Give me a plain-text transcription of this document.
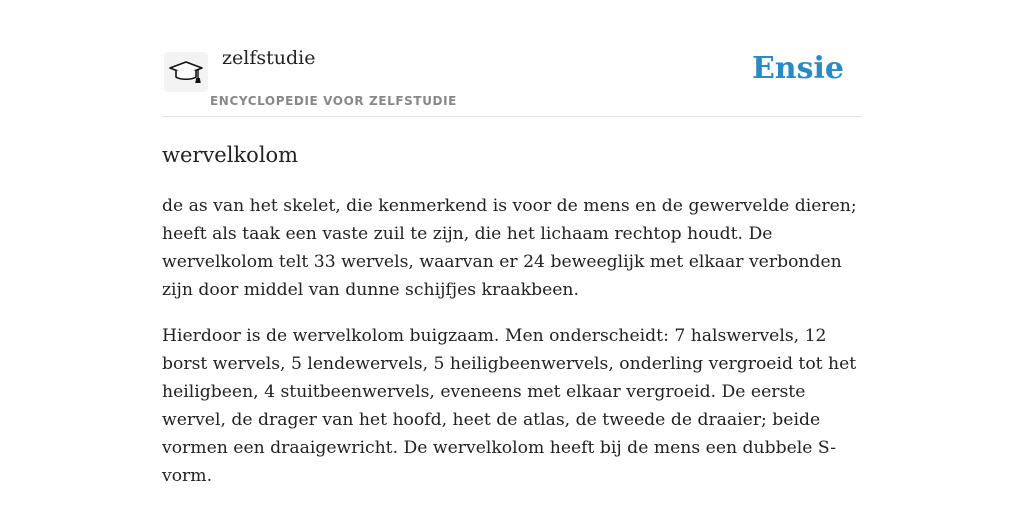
zelfstudie
ENCYCLOPEDIE VOOR ZELFSTUDIE
Ensie
wervelkolom

de as van het skelet, die kenmerkend is voor de mens en de gewervelde dieren; heeft als taak een vaste zuil te zijn, die het lichaam rechtop houdt. De wervelkolom telt 33 wervels, waarvan er 24 beweeglijk met elkaar verbonden zijn door middel van dunne schijfjes kraakbeen.

Hierdoor is de wervelkolom buigzaam. Men onderscheidt: 7 halswervels, 12 borst wervels, 5 lendewervels, 5 heiligbeenwervels, onderling vergroeid tot het heiligbeen, 4 stuitbeenwervels, eveneens met elkaar vergroeid. De eerste wervel, de drager van het hoofd, heet de atlas, de tweede de draaier; beide vormen een draaigewricht. De wervelkolom heeft bij de mens een dubbele S-vorm.
